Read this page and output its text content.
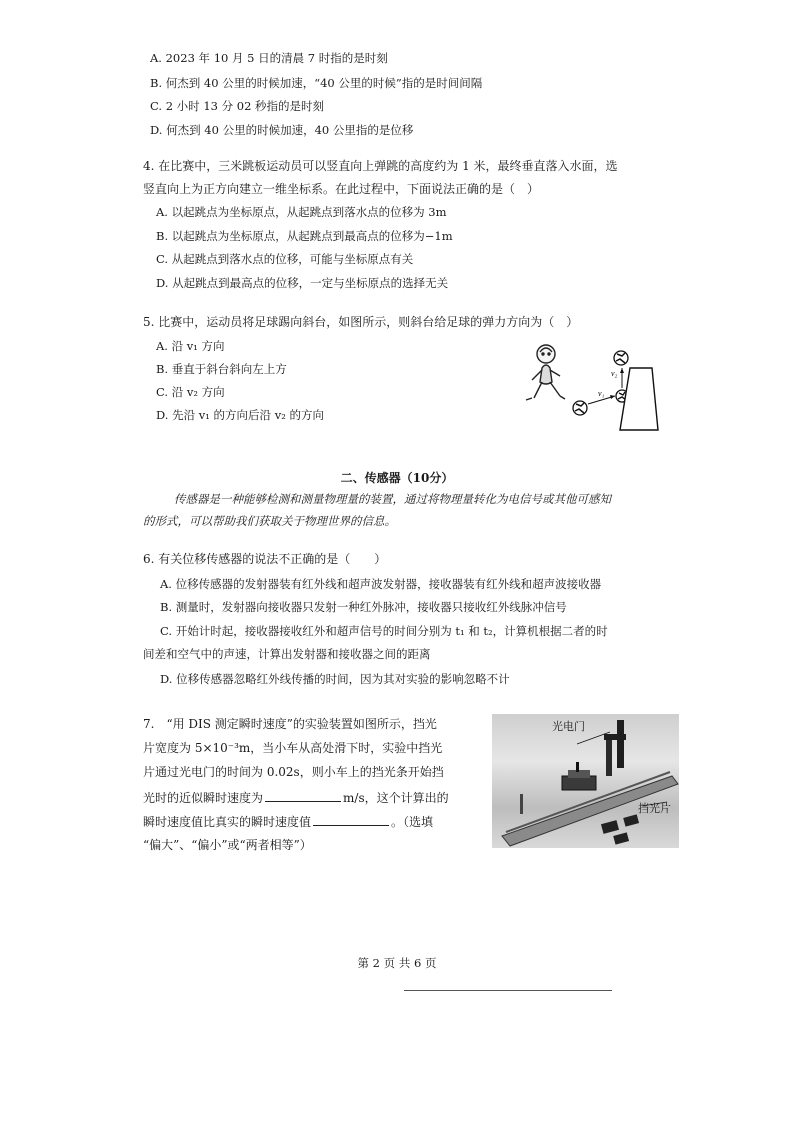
A. 2023 年 10 月 5 日的清晨 7 时指的是时刻
B. 何杰到 40 公里的时候加速，“40 公里的时候”指的是时间间隔
C. 2 小时 13 分 02 秒指的是时刻
D. 何杰到 40 公里的时候加速，40 公里指的是位移
4. 在比赛中，三米跳板运动员可以竖直向上弹跳的高度约为 1 米，最终垂直落入水面，选
竖直向上为正方向建立一维坐标系。在此过程中，下面说法正确的是（　）
A. 以起跳点为坐标原点，从起跳点到落水点的位移为 3m
B. 以起跳点为坐标原点，从起跳点到最高点的位移为−1m
C. 从起跳点到落水点的位移，可能与坐标原点有关
D. 从起跳点到最高点的位移，一定与坐标原点的选择无关
5. 比赛中，运动员将足球踢向斜台，如图所示，则斜台给足球的弹力方向为（　）
A. 沿 v₁ 方向
B. 垂直于斜台斜向左上方
C. 沿 v₂ 方向
D. 先沿 v₁ 的方向后沿 v₂ 的方向
v₁
v₂
二、传感器（10分）
传感器是一种能够检测和测量物理量的装置，通过将物理量转化为电信号或其他可感知
的形式，可以帮助我们获取关于物理世界的信息。
6. 有关位移传感器的说法不正确的是（　　）
A. 位移传感器的发射器装有红外线和超声波发射器，接收器装有红外线和超声波接收器
B. 测量时，发射器向接收器只发射一种红外脉冲，接收器只接收红外线脉冲信号
C. 开始计时起，接收器接收红外和超声信号的时间分别为 t₁ 和 t₂，计算机根据二者的时
间差和空气中的声速，计算出发射器和接收器之间的距离
D. 位移传感器忽略红外线传播的时间，因为其对实验的影响忽略不计
7.　“用 DIS 测定瞬时速度”的实验装置如图所示，挡光
片宽度为 5×10⁻³m，当小车从高处滑下时，实验中挡光
片通过光电门的时间为 0.02s，则小车上的挡光条开始挡
光时的近似瞬时速度为	m/s，这个计算出的
瞬时速度值比真实的瞬时速度值	。（选填
“偏大”、“偏小”或“两者相等”）
光电门
挡光片
第 2 页 共 6 页
